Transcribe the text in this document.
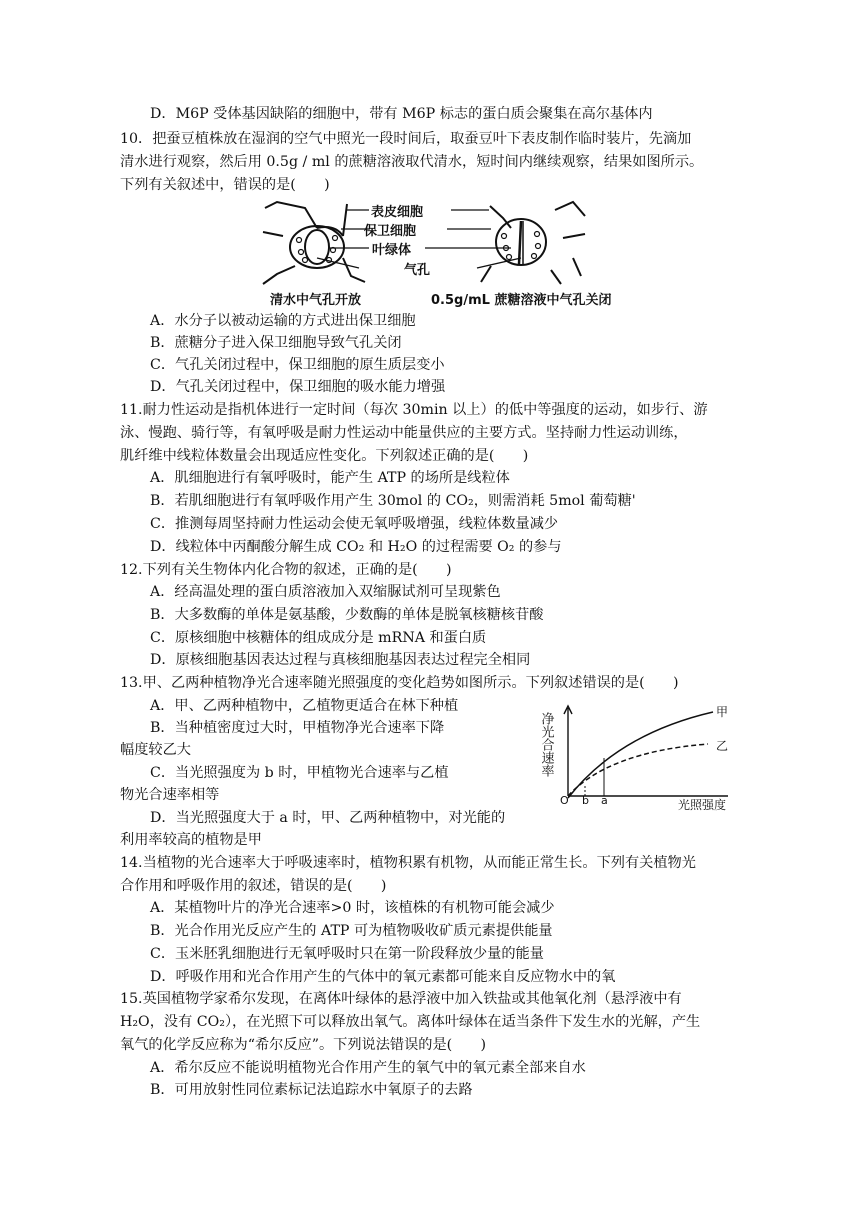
D．M6P 受体基因缺陷的细胞中，带有 M6P 标志的蛋白质会聚集在高尔基体内
10．把蚕豆植株放在湿润的空气中照光一段时间后，取蚕豆叶下表皮制作临时装片，先滴加
清水进行观察，然后用 0.5g / ml 的蔗糖溶液取代清水，短时间内继续观察，结果如图所示。
下列有关叙述中，错误的是(　　)
表皮细胞
保卫细胞
叶绿体
气孔
清水中气孔开放	0.5g/mL 蔗糖溶液中气孔关闭
A．水分子以被动运输的方式进出保卫细胞
B．蔗糖分子进入保卫细胞导致气孔关闭
C．气孔关闭过程中，保卫细胞的原生质层变小
D．气孔关闭过程中，保卫细胞的吸水能力增强
11.耐力性运动是指机体进行一定时间（每次 30min 以上）的低中等强度的运动，如步行、游
泳、慢跑、骑行等，有氧呼吸是耐力性运动中能量供应的主要方式。坚持耐力性运动训练，
肌纤维中线粒体数量会出现适应性变化。下列叙述正确的是(　　)
A．肌细胞进行有氧呼吸时，能产生 ATP 的场所是线粒体
B．若肌细胞进行有氧呼吸作用产生 30mol 的 CO₂，则需消耗 5mol 葡萄糖'
C．推测每周坚持耐力性运动会使无氧呼吸增强，线粒体数量减少
D．线粒体中丙酮酸分解生成 CO₂ 和 H₂O 的过程需要 O₂ 的参与
12.下列有关生物体内化合物的叙述，正确的是(　　)
A．经高温处理的蛋白质溶液加入双缩脲试剂可呈现紫色
B．大多数酶的单体是氨基酸，少数酶的单体是脱氧核糖核苷酸
C．原核细胞中核糖体的组成成分是 mRNA 和蛋白质
D．原核细胞基因表达过程与真核细胞基因表达过程完全相同
13.甲、乙两种植物净光合速率随光照强度的变化趋势如图所示。下列叙述错误的是(　　)
A．甲、乙两种植物中，乙植物更适合在林下种植
B．当种植密度过大时，甲植物净光合速率下降
幅度较乙大
C．当光照强度为 b 时，甲植物光合速率与乙植
物光合速率相等
D．当光照强度大于 a 时，甲、乙两种植物中，对光能的
利用率较高的植物是甲
净光合速率
O b a	光照强度
甲
乙
14.当植物的光合速率大于呼吸速率时，植物积累有机物，从而能正常生长。下列有关植物光
合作用和呼吸作用的叙述，错误的是(　　)
A．某植物叶片的净光合速率>0 时，该植株的有机物可能会减少
B．光合作用光反应产生的 ATP 可为植物吸收矿质元素提供能量
C．玉米胚乳细胞进行无氧呼吸时只在第一阶段释放少量的能量
D．呼吸作用和光合作用产生的气体中的氧元素都可能来自反应物水中的氧
15.英国植物学家希尔发现，在离体叶绿体的悬浮液中加入铁盐或其他氧化剂（悬浮液中有
H₂O，没有 CO₂），在光照下可以释放出氧气。离体叶绿体在适当条件下发生水的光解，产生
氧气的化学反应称为“希尔反应”。下列说法错误的是(　　)
A．希尔反应不能说明植物光合作用产生的氧气中的氧元素全部来自水
B．可用放射性同位素标记法追踪水中氧原子的去路
